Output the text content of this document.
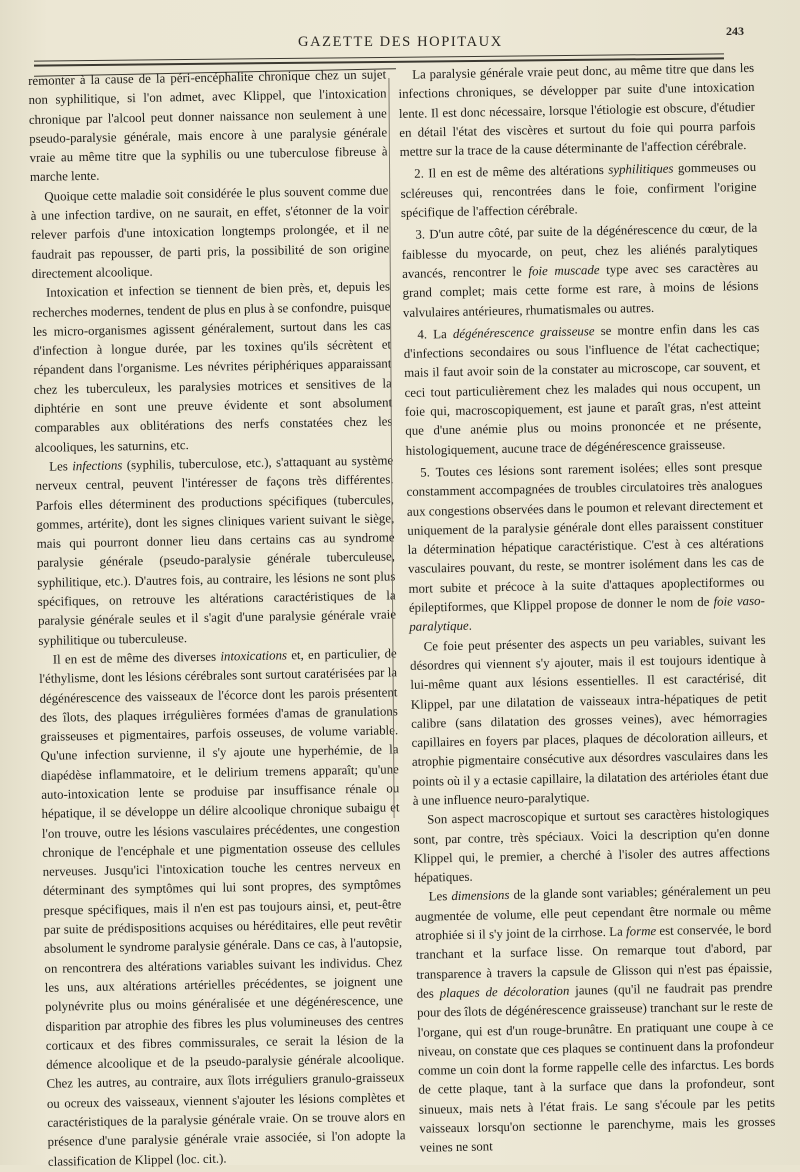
GAZETTE DES HOPITAUX
243

remonter à la cause de la péri-encéphalite chronique chez un sujet non syphilitique, si l'on admet, avec Klippel, que l'intoxication chronique par l'alcool peut donner naissance non seulement à une pseudo-paralysie générale, mais encore à une paralysie générale vraie au même titre que la syphilis ou une tuberculose fibreuse à marche lente.

Quoique cette maladie soit considérée le plus souvent comme due à une infection tardive, on ne saurait, en effet, s'étonner de la voir relever parfois d'une intoxication longtemps prolongée, et il ne faudrait pas repousser, de parti pris, la possibilité de son origine directement alcoolique.

Intoxication et infection se tiennent de bien près, et, depuis les recherches modernes, tendent de plus en plus à se confondre, puisque les micro-organismes agissent généralement, surtout dans les cas d'infection à longue durée, par les toxines qu'ils sécrètent et répandent dans l'organisme. Les névrites périphériques apparaissant chez les tuberculeux, les paralysies motrices et sensitives de la diphtérie en sont une preuve évidente et sont absolument comparables aux oblitérations des nerfs constatées chez les alcooliques, les saturnins, etc.

Les infections (syphilis, tuberculose, etc.), s'attaquant au système nerveux central, peuvent l'intéresser de façons très différentes. Parfois elles déterminent des productions spécifiques (tubercules, gommes, artérite), dont les signes cliniques varient suivant le siège, mais qui pourront donner lieu dans certains cas au syndrome paralysie générale (pseudo-paralysie générale tuberculeuse, syphilitique, etc.). D'autres fois, au contraire, les lésions ne sont plus spécifiques, on retrouve les altérations caractéristiques de la paralysie générale seules et il s'agit d'une paralysie générale vraie syphilitique ou tuberculeuse.

Il en est de même des diverses intoxications et, en particulier, de l'éthylisme, dont les lésions cérébrales sont surtout caratérisées par la dégénérescence des vaisseaux de l'écorce dont les parois présentent des îlots, des plaques irrégulières formées d'amas de granulations graisseuses et pigmentaires, parfois osseuses, de volume variable. Qu'une infection survienne, il s'y ajoute une hyperhémie, de la diapédèse inflammatoire, et le delirium tremens apparaît; qu'une auto-intoxication lente se produise par insuffisance rénale ou hépatique, il se développe un délire alcoolique chronique subaigu et l'on trouve, outre les lésions vasculaires précédentes, une congestion chronique de l'encéphale et une pigmentation osseuse des cellules nerveuses. Jusqu'ici l'intoxication touche les centres nerveux en déterminant des symptômes qui lui sont propres, des symptômes presque spécifiques, mais il n'en est pas toujours ainsi, et, peut-être par suite de prédispositions acquises ou héréditaires, elle peut revêtir absolument le syndrome paralysie générale. Dans ce cas, à l'autopsie, on rencontrera des altérations variables suivant les individus. Chez les uns, aux altérations artérielles précédentes, se joignent une polynévrite plus ou moins généralisée et une dégénérescence, une disparition par atrophie des fibres les plus volumineuses des centres corticaux et des fibres commissurales, ce serait la lésion de la démence alcoolique et de la pseudo-paralysie générale alcoolique. Chez les autres, au contraire, aux îlots irréguliers granulo-graisseux ou ocreux des vaisseaux, viennent s'ajouter les lésions complètes et caractéristiques de la paralysie générale vraie. On se trouve alors en présence d'une paralysie générale vraie associée, si l'on adopte la classification de Klippel (loc. cit.).

La paralysie générale vraie peut donc, au même titre que dans les infections chroniques, se développer par suite d'une intoxication lente. Il est donc nécessaire, lorsque l'étiologie est obscure, d'étudier en détail l'état des viscères et surtout du foie qui pourra parfois mettre sur la trace de la cause déterminante de l'affection cérébrale.

2. Il en est de même des altérations syphilitiques gommeuses ou scléreuses qui, rencontrées dans le foie, confirment l'origine spécifique de l'affection cérébrale.

3. D'un autre côté, par suite de la dégénérescence du cœur, de la faiblesse du myocarde, on peut, chez les aliénés paralytiques avancés, rencontrer le foie muscade type avec ses caractères au grand complet; mais cette forme est rare, à moins de lésions valvulaires antérieures, rhumatismales ou autres.

4. La dégénérescence graisseuse se montre enfin dans les cas d'infections secondaires ou sous l'influence de l'état cachectique; mais il faut avoir soin de la constater au microscope, car souvent, et ceci tout particulièrement chez les malades qui nous occupent, un foie qui, macroscopiquement, est jaune et paraît gras, n'est atteint que d'une anémie plus ou moins prononcée et ne présente, histologiquement, aucune trace de dégénérescence graisseuse.

5. Toutes ces lésions sont rarement isolées; elles sont presque constamment accompagnées de troubles circulatoires très analogues aux congestions observées dans le poumon et relevant directement et uniquement de la paralysie générale dont elles paraissent constituer la détermination hépatique caractéristique. C'est à ces altérations vasculaires pouvant, du reste, se montrer isolément dans les cas de mort subite et précoce à la suite d'attaques apoplectiformes ou épileptiformes, que Klippel propose de donner le nom de foie vaso-paralytique.

Ce foie peut présenter des aspects un peu variables, suivant les désordres qui viennent s'y ajouter, mais il est toujours identique à lui-même quant aux lésions essentielles. Il est caractérisé, dit Klippel, par une dilatation de vaisseaux intra-hépatiques de petit calibre (sans dilatation des grosses veines), avec hémorragies capillaires en foyers par places, plaques de décoloration ailleurs, et atrophie pigmentaire consécutive aux désordres vasculaires dans les points où il y a ectasie capillaire, la dilatation des artérioles étant due à une influence neuro-paralytique.

Son aspect macroscopique et surtout ses caractères histologiques sont, par contre, très spéciaux. Voici la description qu'en donne Klippel qui, le premier, a cherché à l'isoler des autres affections hépatiques.

Les dimensions de la glande sont variables; généralement un peu augmentée de volume, elle peut cependant être normale ou même atrophiée si il s'y joint de la cirrhose. La forme est conservée, le bord tranchant et la surface lisse. On remarque tout d'abord, par transparence à travers la capsule de Glisson qui n'est pas épaissie, des plaques de décoloration jaunes (qu'il ne faudrait pas prendre pour des îlots de dégénérescence graisseuse) tranchant sur le reste de l'organe, qui est d'un rouge-brunâtre. En pratiquant une coupe à ce niveau, on constate que ces plaques se continuent dans la profondeur comme un coin dont la forme rappelle celle des infarctus. Les bords de cette plaque, tant à la surface que dans la profondeur, sont sinueux, mais nets à l'état frais. Le sang s'écoule par les petits vaisseaux lorsqu'on sectionne le parenchyme, mais les grosses veines ne sont
